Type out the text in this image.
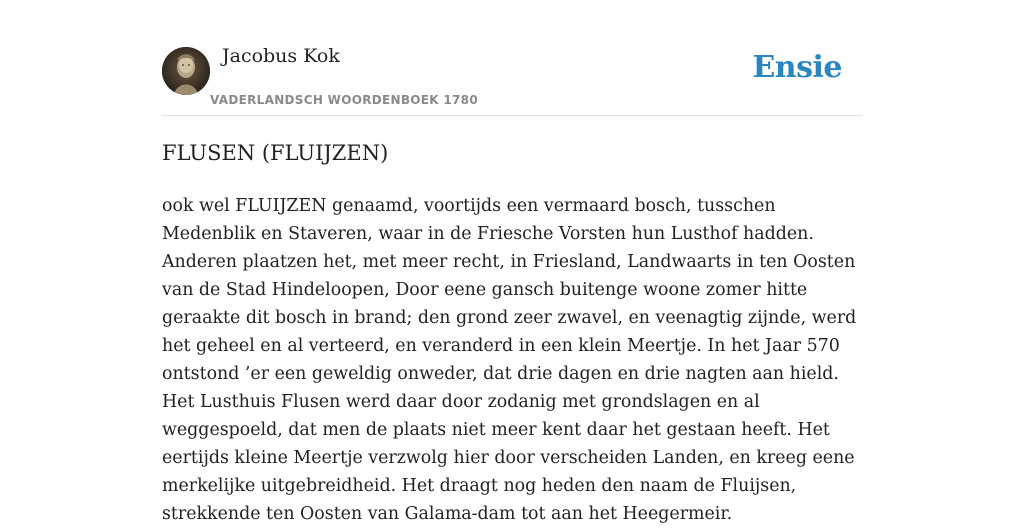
Jacobus Kok
VADERLANDSCH WOORDENBOEK 1780
Ensie
FLUSEN (FLUIJZEN)

ook wel FLUIJZEN genaamd, voortijds een vermaard bosch, tusschen Medenblik en Staveren, waar in de Friesche Vorsten hun Lusthof hadden. Anderen plaatzen het, met meer recht, in Friesland, Landwaarts in ten Oosten van de Stad Hindeloopen, Door eene gansch buitenge woone zomer hitte geraakte dit bosch in brand; den grond zeer zwavel, en veenagtig zijnde, werd het geheel en al verteerd, en veranderd in een klein Meertje. In het Jaar 570 ontstond ’er een geweldig onweder, dat drie dagen en drie nagten aan hield. Het Lusthuis Flusen werd daar door zodanig met grondslagen en al weggespoeld, dat men de plaats niet meer kent daar het gestaan heeft. Het eertijds kleine Meertje verzwolg hier door verscheiden Landen, en kreeg eene merkelijke uitgebreidheid. Het draagt nog heden den naam de Fluijsen, strekkende ten Oosten van Galama-dam tot aan het Heegermeir.
